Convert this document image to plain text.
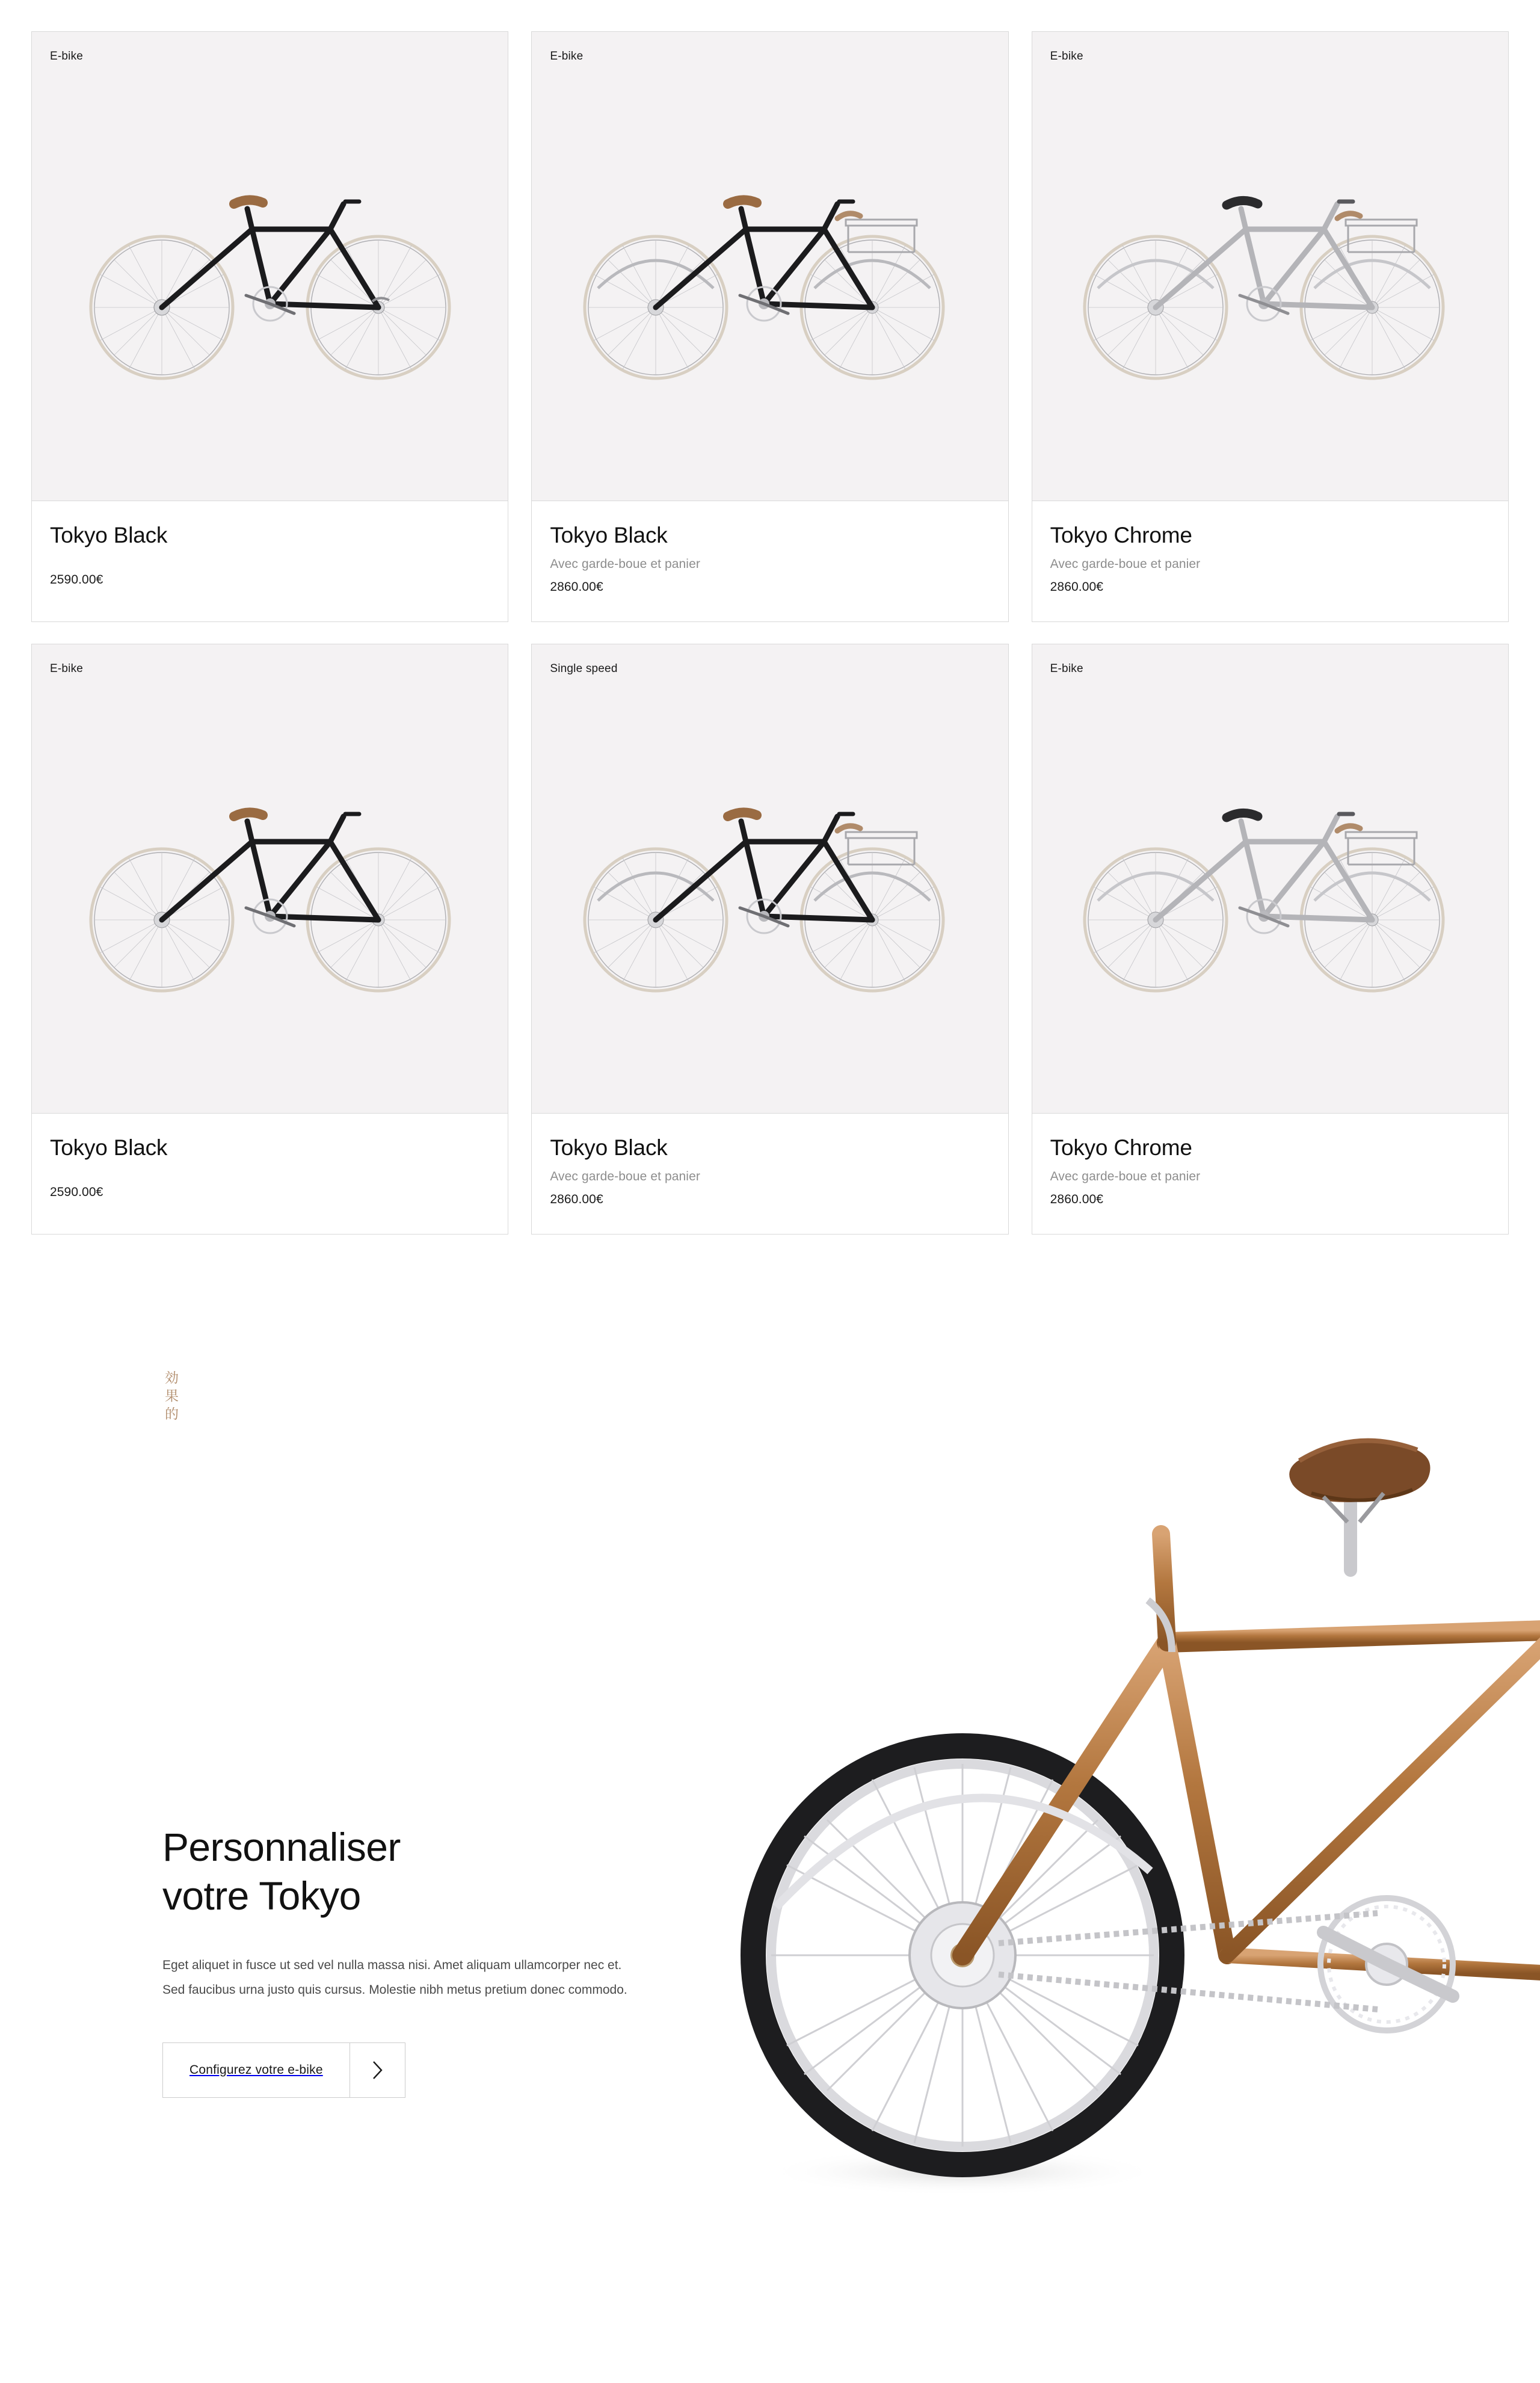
E-bike
Tokyo Black
2590.00€
E-bike
Tokyo Black
Avec garde-boue et panier
2860.00€
E-bike
Tokyo Chrome
Avec garde-boue et panier
2860.00€
E-bike
Tokyo Black
2590.00€
Single speed
Tokyo Black
Avec garde-boue et panier
2860.00€
E-bike
Tokyo Chrome
Avec garde-boue et panier
2860.00€
効果的
Personnaliser
votre Tokyo

Eget aliquet in fusce ut sed vel nulla massa nisi. Amet aliquam ullamcorper nec et. Sed faucibus urna justo quis cursus. Molestie nibh metus pretium donec commodo.

Configurez votre e-bike
